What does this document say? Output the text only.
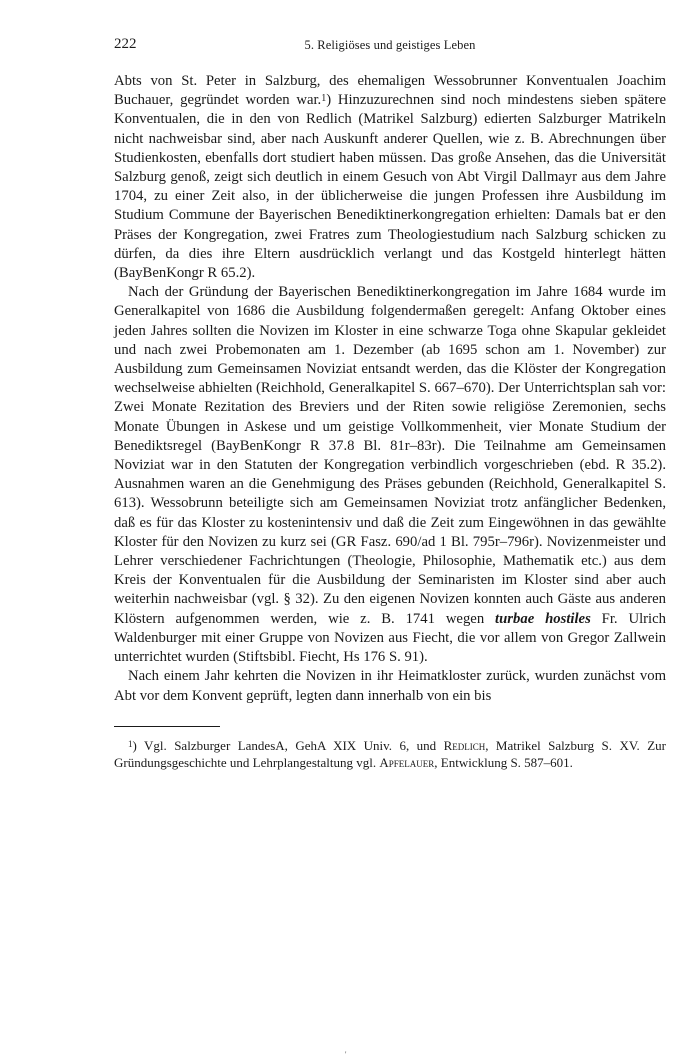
222	5. Religiöses und geistiges Leben

Abts von St. Peter in Salzburg, des ehemaligen Wessobrunner Konventualen Joachim Buchauer, gegründet worden war.$^1$) Hinzuzurechnen sind noch mindestens sieben spätere Konventualen, die in den von Redlich (Matrikel Salzburg) edierten Salzburger Matrikeln nicht nachweisbar sind, aber nach Auskunft anderer Quellen, wie z. B. Abrechnungen über Studienkosten, ebenfalls dort studiert haben müssen. Das große Ansehen, das die Universität Salzburg genoß, zeigt sich deutlich in einem Gesuch von Abt Virgil Dallmayr aus dem Jahre 1704, zu einer Zeit also, in der üblicherweise die jungen Professen ihre Ausbildung im Studium Commune der Bayerischen Benediktinerkongregation erhielten: Damals bat er den Präses der Kongregation, zwei Fratres zum Theologiestudium nach Salzburg schicken zu dürfen, da dies ihre Eltern ausdrücklich verlangt und das Kostgeld hinterlegt hätten (BayBenKongr R 65.2).

Nach der Gründung der Bayerischen Benediktinerkongregation im Jahre 1684 wurde im Generalkapitel von 1686 die Ausbildung folgendermaßen geregelt: Anfang Oktober eines jeden Jahres sollten die Novizen im Kloster in eine schwarze Toga ohne Skapular gekleidet und nach zwei Probemonaten am 1. Dezember (ab 1695 schon am 1. November) zur Ausbildung zum Gemeinsamen Noviziat entsandt werden, das die Klöster der Kongregation wechselweise abhielten (Reichhold, Generalkapitel S. 667–670). Der Unterrichtsplan sah vor: Zwei Monate Rezitation des Breviers und der Riten sowie religiöse Zeremonien, sechs Monate Übungen in Askese und um geistige Vollkommenheit, vier Monate Studium der Benediktsregel (BayBenKongr R 37.8 Bl. 81r–83r). Die Teilnahme am Gemeinsamen Noviziat war in den Statuten der Kongregation verbindlich vorgeschrieben (ebd. R 35.2). Ausnahmen waren an die Genehmigung des Präses gebunden (Reichhold, Generalkapitel S. 613). Wessobrunn beteiligte sich am Gemeinsamen Noviziat trotz anfänglicher Bedenken, daß es für das Kloster zu kostenintensiv und daß die Zeit zum Eingewöhnen in das gewählte Kloster für den Novizen zu kurz sei (GR Fasz. 690/ad 1 Bl. 795r–796r). Novizenmeister und Lehrer verschiedener Fachrichtungen (Theologie, Philosophie, Mathematik etc.) aus dem Kreis der Konventualen für die Ausbildung der Seminaristen im Kloster sind aber auch weiterhin nachweisbar (vgl. § 32). Zu den eigenen Novizen konnten auch Gäste aus anderen Klöstern aufgenommen werden, wie z. B. 1741 wegen turbae hostiles Fr. Ulrich Waldenburger mit einer Gruppe von Novizen aus Fiecht, die vor allem von Gregor Zallwein unterrichtet wurden (Stiftsbibl. Fiecht, Hs 176 S. 91).

Nach einem Jahr kehrten die Novizen in ihr Heimatkloster zurück, wurden zunächst vom Abt vor dem Konvent geprüft, legten dann innerhalb von ein bis

$^1$) Vgl. Salzburger LandesA, GehA XIX Univ. 6, und Redlich, Matrikel Salzburg S. XV. Zur Gründungsgeschichte und Lehrplangestaltung vgl. Apfelauer, Entwicklung S. 587–601.
'
